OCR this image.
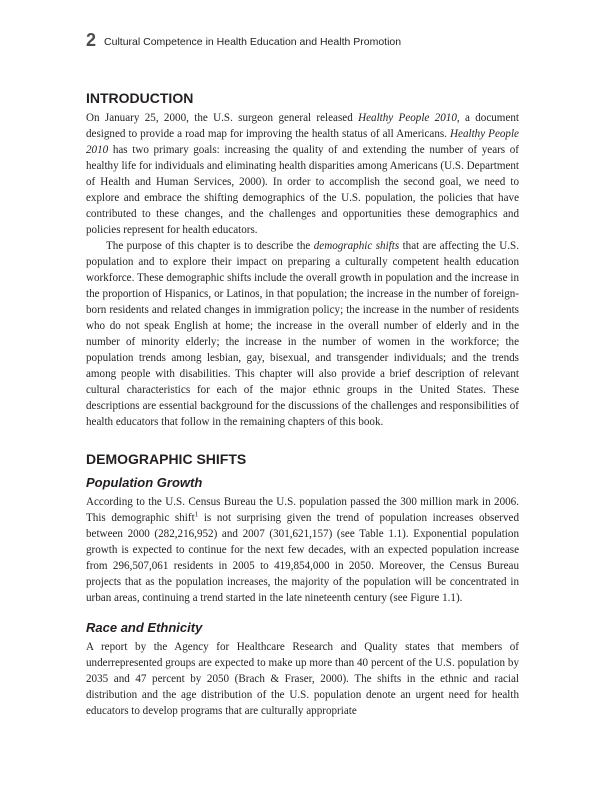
2 Cultural Competence in Health Education and Health Promotion
INTRODUCTION

On January 25, 2000, the U.S. surgeon general released Healthy People 2010, a document designed to provide a road map for improving the health status of all Americans. Healthy People 2010 has two primary goals: increasing the quality of and extending the number of years of healthy life for individuals and eliminating health disparities among Americans (U.S. Department of Health and Human Services, 2000). In order to accomplish the second goal, we need to explore and embrace the shifting demographics of the U.S. population, the policies that have contributed to these changes, and the challenges and opportunities these demographics and policies represent for health educators.

The purpose of this chapter is to describe the demographic shifts that are affecting the U.S. population and to explore their impact on preparing a culturally competent health education workforce. These demographic shifts include the overall growth in population and the increase in the proportion of Hispanics, or Latinos, in that population; the increase in the number of foreign-born residents and related changes in immigration policy; the increase in the number of residents who do not speak English at home; the increase in the overall number of elderly and in the number of minority elderly; the increase in the number of women in the workforce; the population trends among lesbian, gay, bisexual, and transgender individuals; and the trends among people with disabilities. This chapter will also provide a brief description of relevant cultural characteristics for each of the major ethnic groups in the United States. These descriptions are essential background for the discussions of the challenges and responsibilities of health educators that follow in the remaining chapters of this book.

DEMOGRAPHIC SHIFTS
Population Growth

According to the U.S. Census Bureau the U.S. population passed the 300 million mark in 2006. This demographic shift$^1$ is not surprising given the trend of population increases observed between 2000 (282,216,952) and 2007 (301,621,157) (see Table 1.1). Exponential population growth is expected to continue for the next few decades, with an expected population increase from 296,507,061 residents in 2005 to 419,854,000 in 2050. Moreover, the Census Bureau projects that as the population increases, the majority of the population will be concentrated in urban areas, continuing a trend started in the late nineteenth century (see Figure 1.1).

Race and Ethnicity

A report by the Agency for Healthcare Research and Quality states that members of underrepresented groups are expected to make up more than 40 percent of the U.S. population by 2035 and 47 percent by 2050 (Brach & Fraser, 2000). The shifts in the ethnic and racial distribution and the age distribution of the U.S. population denote an urgent need for health educators to develop programs that are culturally appropriate
